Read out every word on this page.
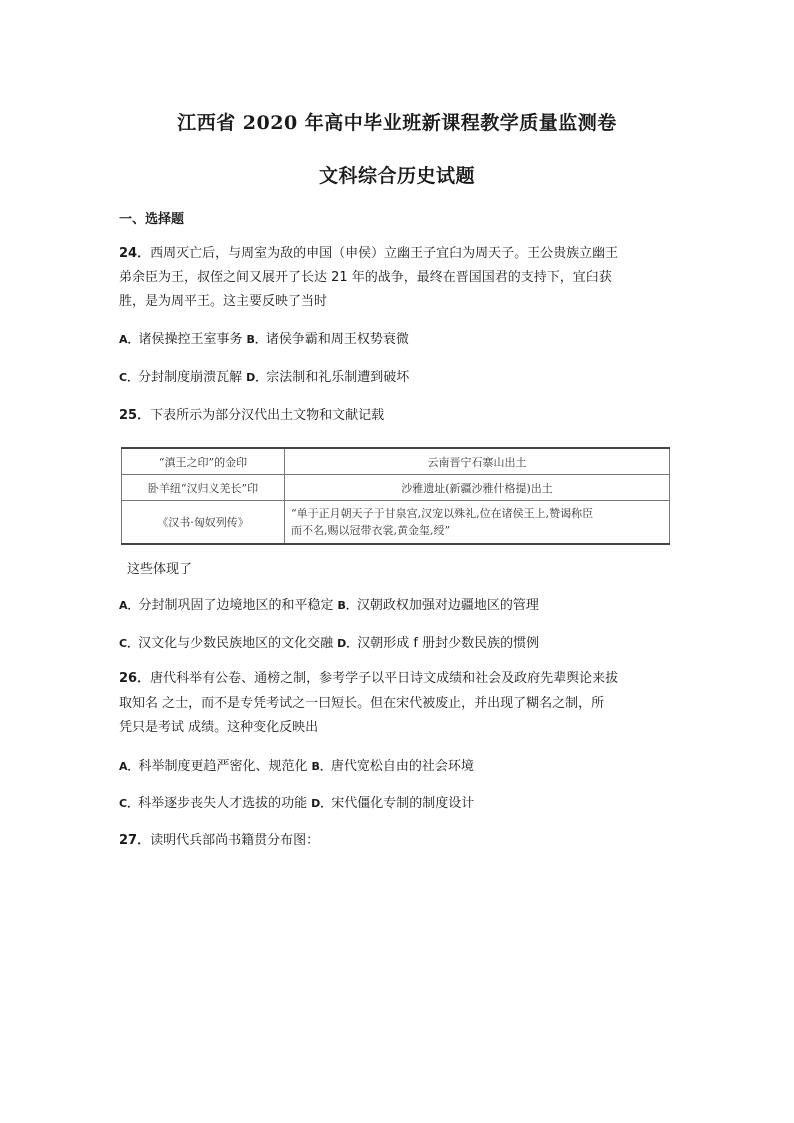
江西省 2020 年高中毕业班新课程教学质量监测卷
文科综合历史试题
一、选择题
24．西周灭亡后，与周室为敌的申国（申侯）立幽王子宜臼为周天子。王公贵族立幽王
弟余臣为王，叔侄之间又展开了长达 21 年的战争，最终在晋国国君的支持下，宜臼获
胜，是为周平王。这主要反映了当时
A．诸侯操控王室事务 B．诸侯争霸和周王权势衰微
C．分封制度崩溃瓦解 D．宗法制和礼乐制遭到破坏
25．下表所示为部分汉代出土文物和文献记载
“滇王之印”的金印	云南晋宁石寨山出土
卧羊纽“汉归义羌长”印	沙雅遗址(新疆沙雅什格提)出土
《汉书·匈奴列传》	“单于正月朝天子于甘泉宫,汉宠以殊礼,位在诸侯王上,赞谒称臣
而不名,赐以冠带衣裳,黄金玺,绶”
这些体现了
A．分封制巩固了边境地区的和平稳定 B．汉朝政权加强对边疆地区的管理
C．汉文化与少数民族地区的文化交融 D．汉朝形成 f 册封少数民族的惯例
26．唐代科举有公卷、通榜之制，参考学子以平日诗文成绩和社会及政府先辈舆论来拔
取知名 之士，而不是专凭考试之一曰短长。但在宋代被废止，并出现了糊名之制，所
凭只是考试 成绩。这种变化反映出
A．科举制度更趋严密化、规范化 B．唐代宽松自由的社会环境
C．科举逐步丧失人才选拔的功能 D．宋代僵化专制的制度设计
27．读明代兵部尚书籍贯分布图：
